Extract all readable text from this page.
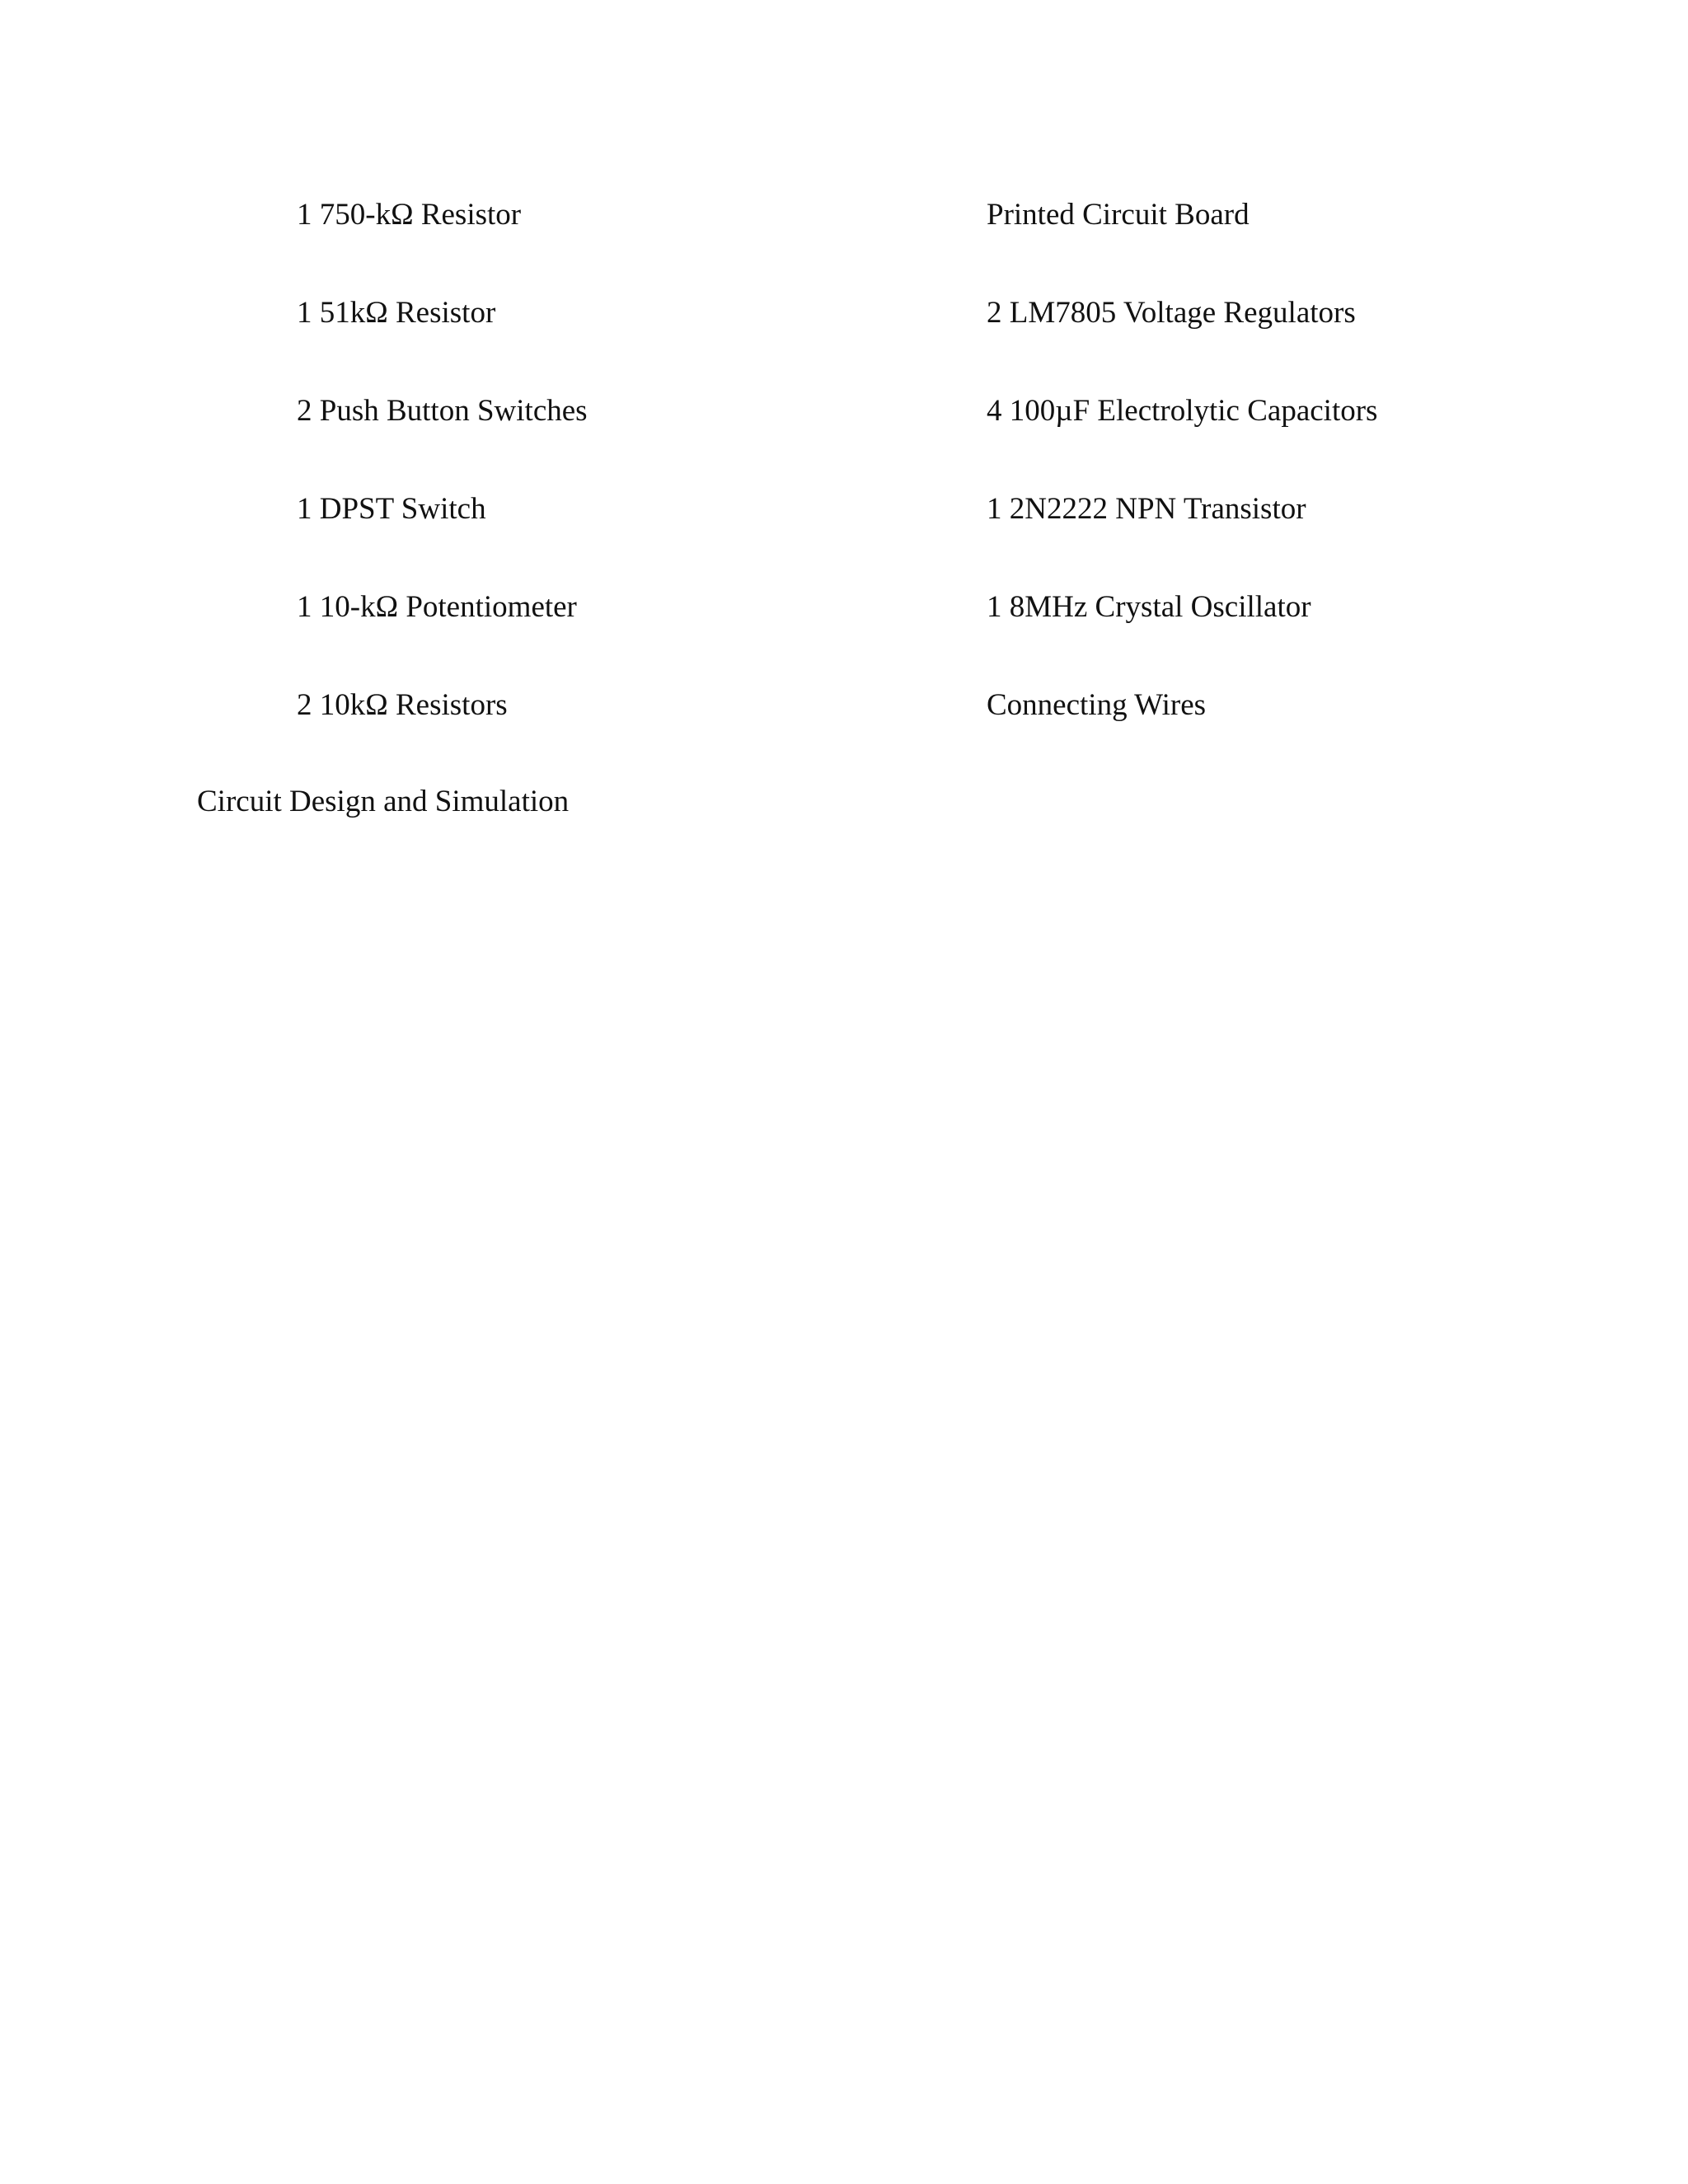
1 750-kΩ Resistor
1 51kΩ Resistor
2 Push Button Switches
1 DPST Switch
1 10-kΩ Potentiometer
2 10kΩ Resistors
Printed Circuit Board
2 LM7805 Voltage Regulators
4 100µF Electrolytic Capacitors
1 2N2222 NPN Transistor
1 8MHz Crystal Oscillator
Connecting Wires
Circuit Design and Simulation
